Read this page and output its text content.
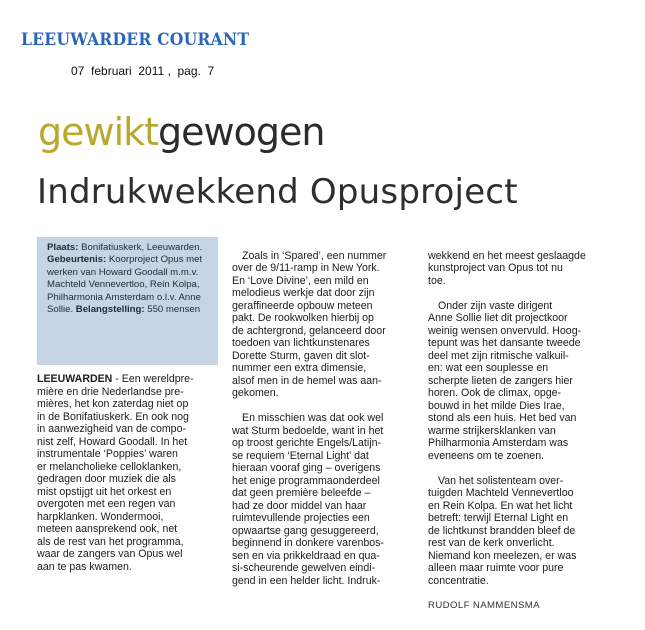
LEEUWARDER COURANT
07  februari  2011 ,  pag.  7
gewiktgewogen
Indrukwekkend Opusproject
Plaats: Bonifatiuskerk, Leeuwarden. Gebeurtenis: Koorproject Opus met werken van Howard Goodall m.m.v. Machteld Vennevertloo, Rein Kolpa, Philharmonia Amsterdam o.l.v. Anne Sollie. Belangstelling: 550 mensen
LEEUWARDEN - Een wereldpre-
mière en drie Nederlandse pre-
mières, het kon zaterdag niet op
in de Bonifatiuskerk. En ook nog
in aanwezigheid van de compo-
nist zelf, Howard Goodall. In het
instrumentale ‘Poppies’ waren
er melancholieke celloklanken,
gedragen door muziek die als
mist opstijgt uit het orkest en
overgoten met een regen van
harpklanken. Wondermooi,
meteen aansprekend ook, net
als de rest van het programma,
waar de zangers van Opus wel
aan te pas kwamen.

Zoals in ‘Spared’, een nummer
over de 9/11-ramp in New York.
En ‘Love Divine’, een mild en
melodieus werkje dat door zijn
geraffineerde opbouw meteen
pakt. De rookwolken hierbij op
de achtergrond, gelanceerd door
toedoen van lichtkunstenares
Dorette Sturm, gaven dit slot-
nummer een extra dimensie,
alsof men in de hemel was aan-
gekomen.

En misschien was dat ook wel
wat Sturm bedoelde, want in het
op troost gerichte Engels/Latijn-
se requiem ‘Eternal Light’ dat
hieraan vooraf ging – overigens
het enige programmaonderdeel
dat geen première beleefde –
had ze door middel van haar
ruimtevullende projecties een
opwaartse gang gesuggereerd,
beginnend in donkere varenbos-
sen en via prikkeldraad en qua-
si-scheurende gewelven eindi-
gend in een helder licht. Indruk-

wekkend en het meest geslaagde
kunstproject van Opus tot nu
toe.

Onder zijn vaste dirigent
Anne Sollie liet dit projectkoor
weinig wensen onvervuld. Hoog-
tepunt was het dansante tweede
deel met zijn ritmische valkuil-
en: wat een souplesse en
scherpte lieten de zangers hier
horen. Ook de climax, opge-
bouwd in het milde Dies Irae,
stond als een huis. Het bed van
warme strijkersklanken van
Philharmonia Amsterdam was
eveneens om te zoenen.

Van het solistenteam over-
tuigden Machteld Vennevertloo
en Rein Kolpa. En wat het licht
betreft: terwijl Eternal Light en
de lichtkunst brandden bleef de
rest van de kerk onverlicht.
Niemand kon meelezen, er was
alleen maar ruimte voor pure
concentratie.

RUDOLF NAMMENSMA
